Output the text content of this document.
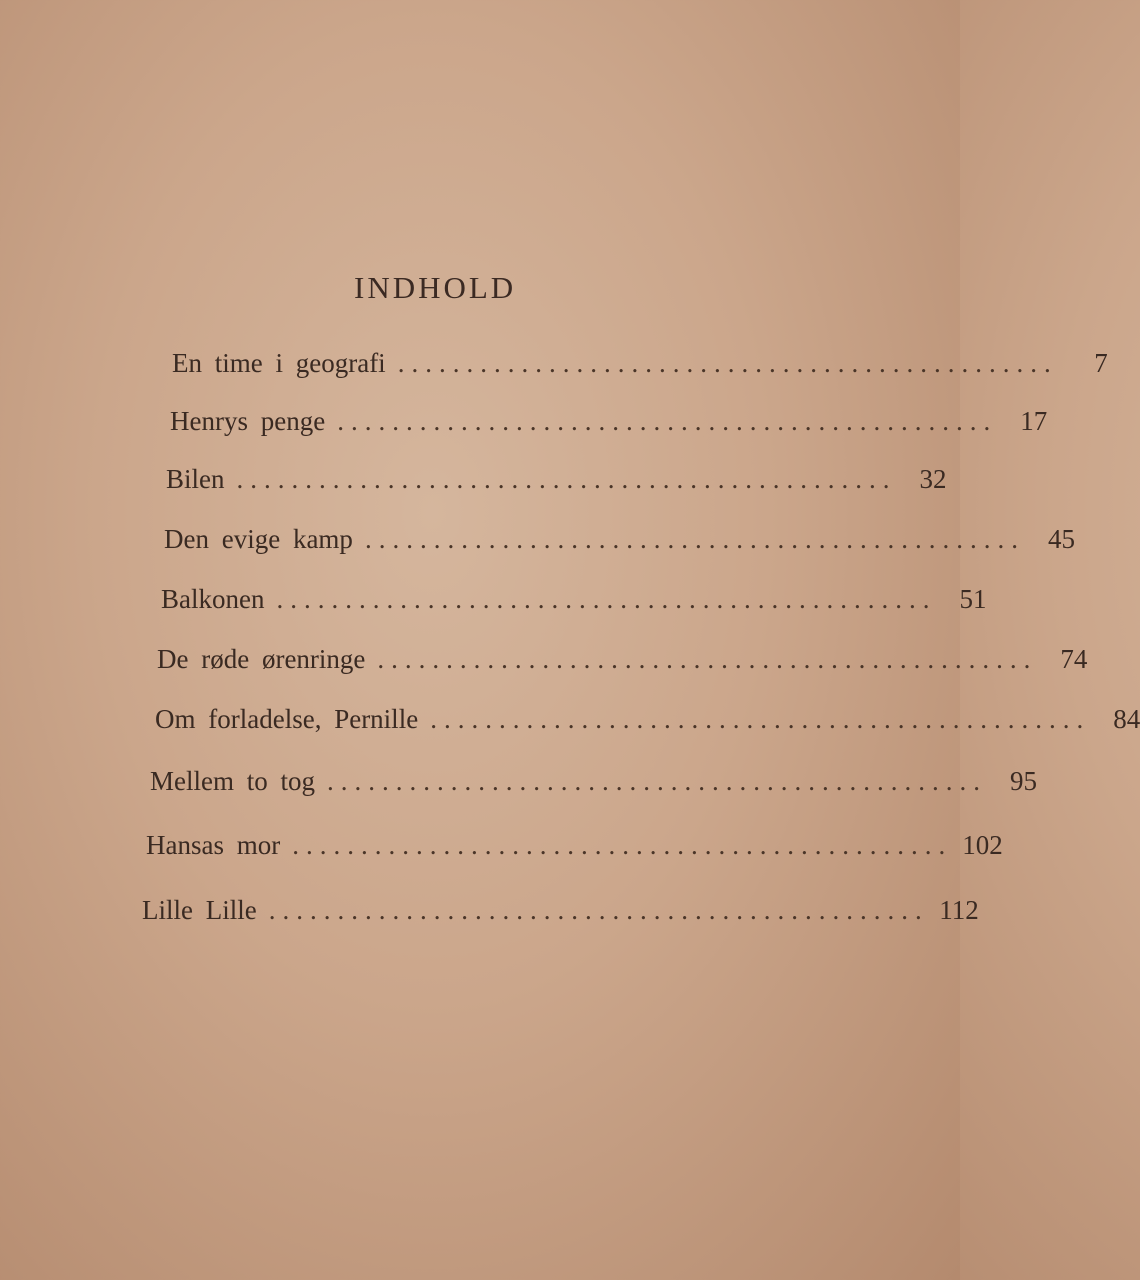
INDHOLD
En time i geografi ................................................	7
Henrys penge ................................................ 17
Bilen ................................................ 32
Den evige kamp ................................................ 45
Balkonen ................................................ 51
De røde ørenringe ................................................ 74
Om forladelse, Pernille ................................................ 84
Mellem to tog ................................................ 95
Hansas mor ................................................ 102
Lille Lille ................................................ 112
